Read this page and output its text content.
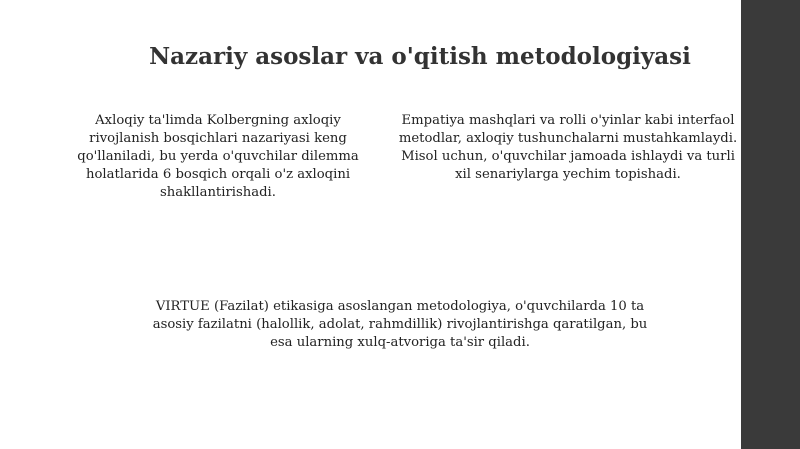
Nazariy asoslar va o'qitish metodologiyasi

Axloqiy ta'limda Kolbergning axloqiy rivojlanish bosqichlari nazariyasi keng qo'llaniladi, bu yerda o'quvchilar dilemma holatlarida 6 bosqich orqali o'z axloqini shakllantirishadi.

Empatiya mashqlari va rolli o'yinlar kabi interfaol metodlar, axloqiy tushunchalarni mustahkamlaydi. Misol uchun, o'quvchilar jamoada ishlaydi va turli xil senariylarga yechim topishadi.

VIRTUE (Fazilat) etikasiga asoslangan metodologiya, o'quvchilarda 10 ta asosiy fazilatni (halollik, adolat, rahmdillik) rivojlantirishga qaratilgan, bu esa ularning xulq-atvoriga ta'sir qiladi.
